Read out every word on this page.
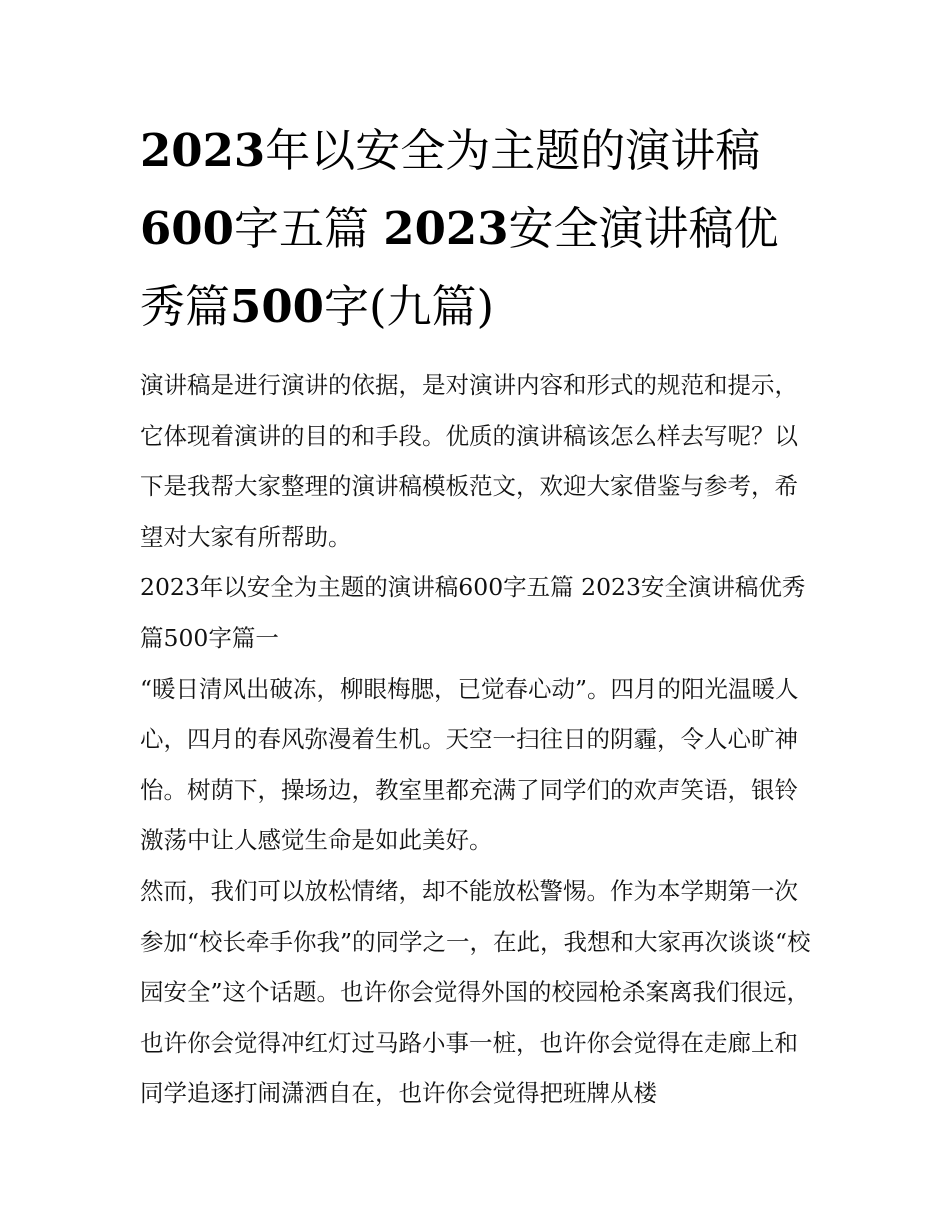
2023年以安全为主题的演讲稿600字五篇 2023安全演讲稿优秀篇500字(九篇)

演讲稿是进行演讲的依据，是对演讲内容和形式的规范和提示，它体现着演讲的目的和手段。优质的演讲稿该怎么样去写呢？以下是我帮大家整理的演讲稿模板范文，欢迎大家借鉴与参考，希望对大家有所帮助。

2023年以安全为主题的演讲稿600字五篇 2023安全演讲稿优秀篇500字篇一

“暖日清风出破冻，柳眼梅腮，已觉春心动”。四月的阳光温暖人心，四月的春风弥漫着生机。天空一扫往日的阴霾，令人心旷神怡。树荫下，操场边，教室里都充满了同学们的欢声笑语，银铃激荡中让人感觉生命是如此美好。

然而，我们可以放松情绪，却不能放松警惕。作为本学期第一次参加“校长牵手你我”的同学之一，在此，我想和大家再次谈谈“校园安全”这个话题。也许你会觉得外国的校园枪杀案离我们很远，也许你会觉得冲红灯过马路小事一桩，也许你会觉得在走廊上和同学追逐打闹潇洒自在，也许你会觉得把班牌从楼
